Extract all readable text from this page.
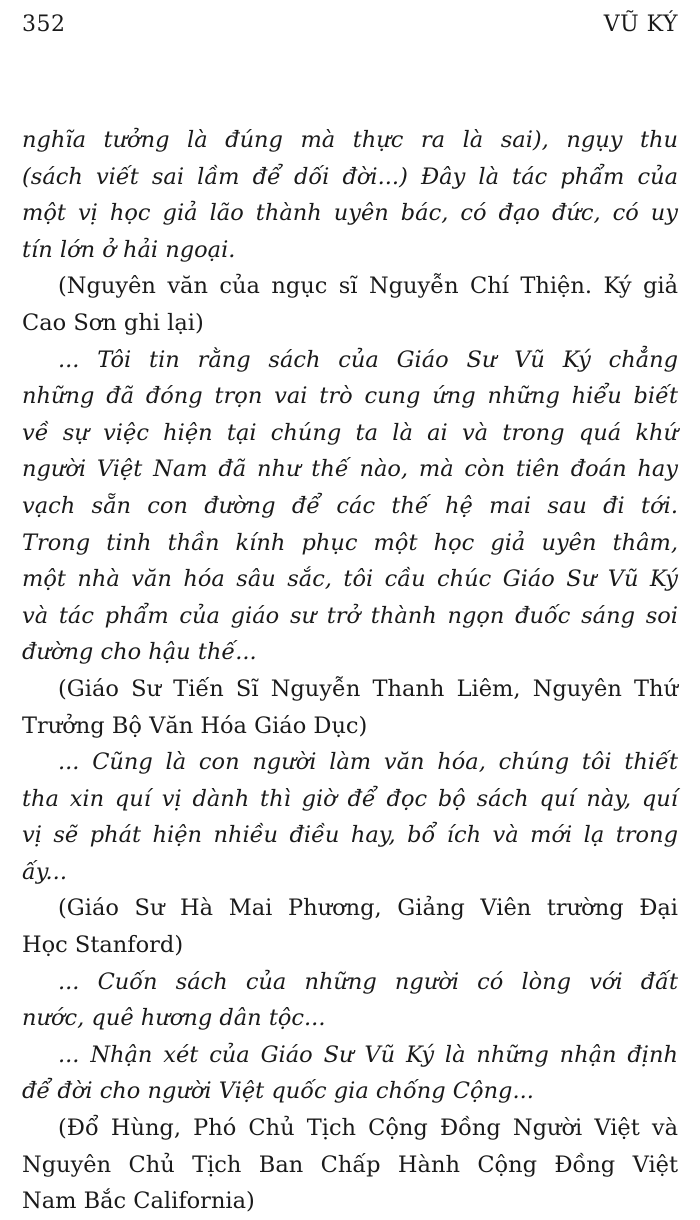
352	VŨ KÝ
nghĩa tưởng là đúng mà thực ra là sai), ngụy thu
(sách viết sai lầm để dối đời...) Đây là tác phẩm của
một vị học giả lão thành uyên bác, có đạo đức, có uy
tín lớn ở hải ngoại.
(Nguyên văn của ngục sĩ Nguyễn Chí Thiện. Ký giả
Cao Sơn ghi lại)
... Tôi tin rằng sách của Giáo Sư Vũ Ký chẳng
những đã đóng trọn vai trò cung ứng những hiểu biết
về sự việc hiện tại chúng ta là ai và trong quá khứ
người Việt Nam đã như thế nào, mà còn tiên đoán hay
vạch sẵn con đường để các thế hệ mai sau đi tới.
Trong tinh thần kính phục một học giả uyên thâm,
một nhà văn hóa sâu sắc, tôi cầu chúc Giáo Sư Vũ Ký
và tác phẩm của giáo sư trở thành ngọn đuốc sáng soi
đường cho hậu thế...
(Giáo Sư Tiến Sĩ Nguyễn Thanh Liêm, Nguyên Thứ
Trưởng Bộ Văn Hóa Giáo Dục)
... Cũng là con người làm văn hóa, chúng tôi thiết
tha xin quí vị dành thì giờ để đọc bộ sách quí này, quí
vị sẽ phát hiện nhiều điều hay, bổ ích và mới lạ trong
ấy...
(Giáo Sư Hà Mai Phương, Giảng Viên trường Đại
Học Stanford)
... Cuốn sách của những người có lòng với đất
nước, quê hương dân tộc...
... Nhận xét của Giáo Sư Vũ Ký là những nhận định
để đời cho người Việt quốc gia chống Cộng...
(Đổ Hùng, Phó Chủ Tịch Cộng Đồng Người Việt và
Nguyên Chủ Tịch Ban Chấp Hành Cộng Đồng Việt
Nam Bắc California)
